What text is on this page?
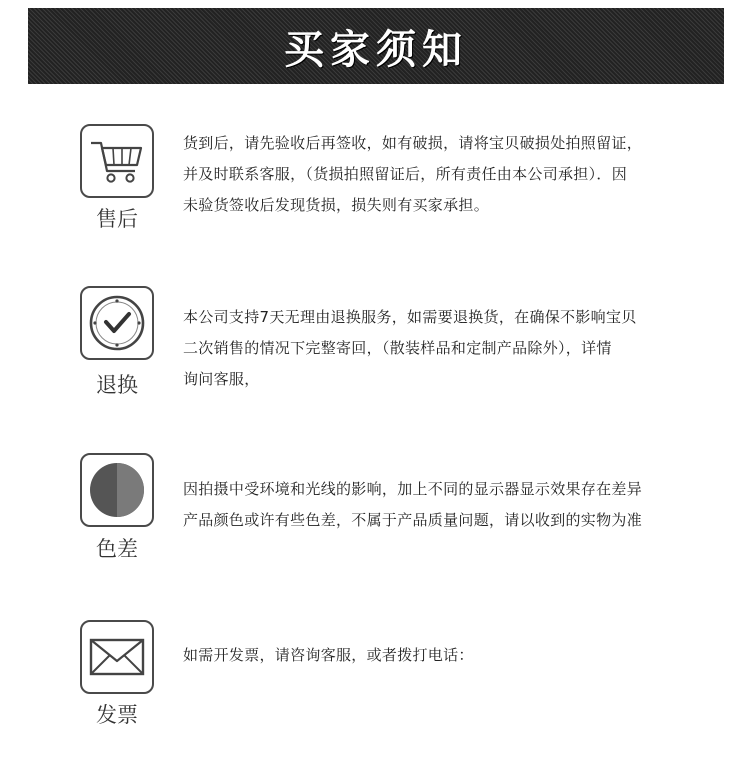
买家须知
售后
货到后，请先验收后再签收，如有破损，请将宝贝破损处拍照留证，
并及时联系客服，（货损拍照留证后，所有责任由本公司承担）．因
未验货签收后发现货损，损失则有买家承担。
退换
本公司支持7天无理由退换服务，如需要退换货，在确保不影响宝贝
二次销售的情况下完整寄回，（散装样品和定制产品除外），详情
询问客服，
色差
因拍摄中受环境和光线的影响，加上不同的显示器显示效果存在差异
产品颜色或许有些色差，不属于产品质量问题，请以收到的实物为准
发票
如需开发票，请咨询客服，或者拨打电话：
